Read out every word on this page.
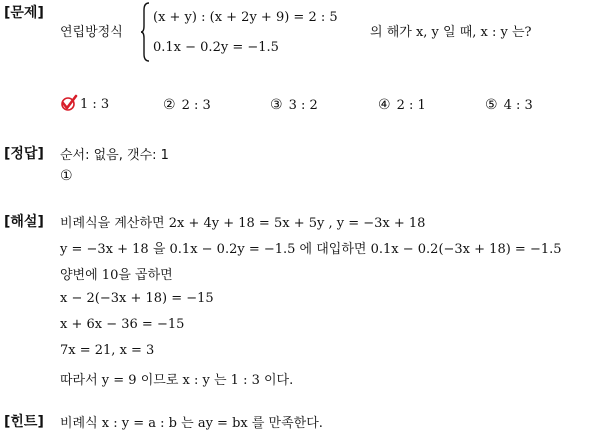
[문제]
연립방정식
(x + y) : (x + 2y + 9) = 2 : 5
0.1x − 0.2y = −1.5
의 해가 x, y 일 때, x : y 는?
1 : 3	② 2 : 3	③ 3 : 2	④ 2 : 1	⑤ 4 : 3
[정답] 순서: 없음, 갯수: 1
①
[해설] 비례식을 계산하면 2x + 4y + 18 = 5x + 5y , y = −3x + 18
y = −3x + 18 을 0.1x − 0.2y = −1.5 에 대입하면 0.1x − 0.2(−3x + 18) = −1.5
양변에 10을 곱하면
x − 2(−3x + 18) = −15
x + 6x − 36 = −15
7x = 21, x = 3
따라서 y = 9 이므로 x : y 는 1 : 3 이다.
[힌트] 비례식 x : y = a : b 는 ay = bx 를 만족한다.
